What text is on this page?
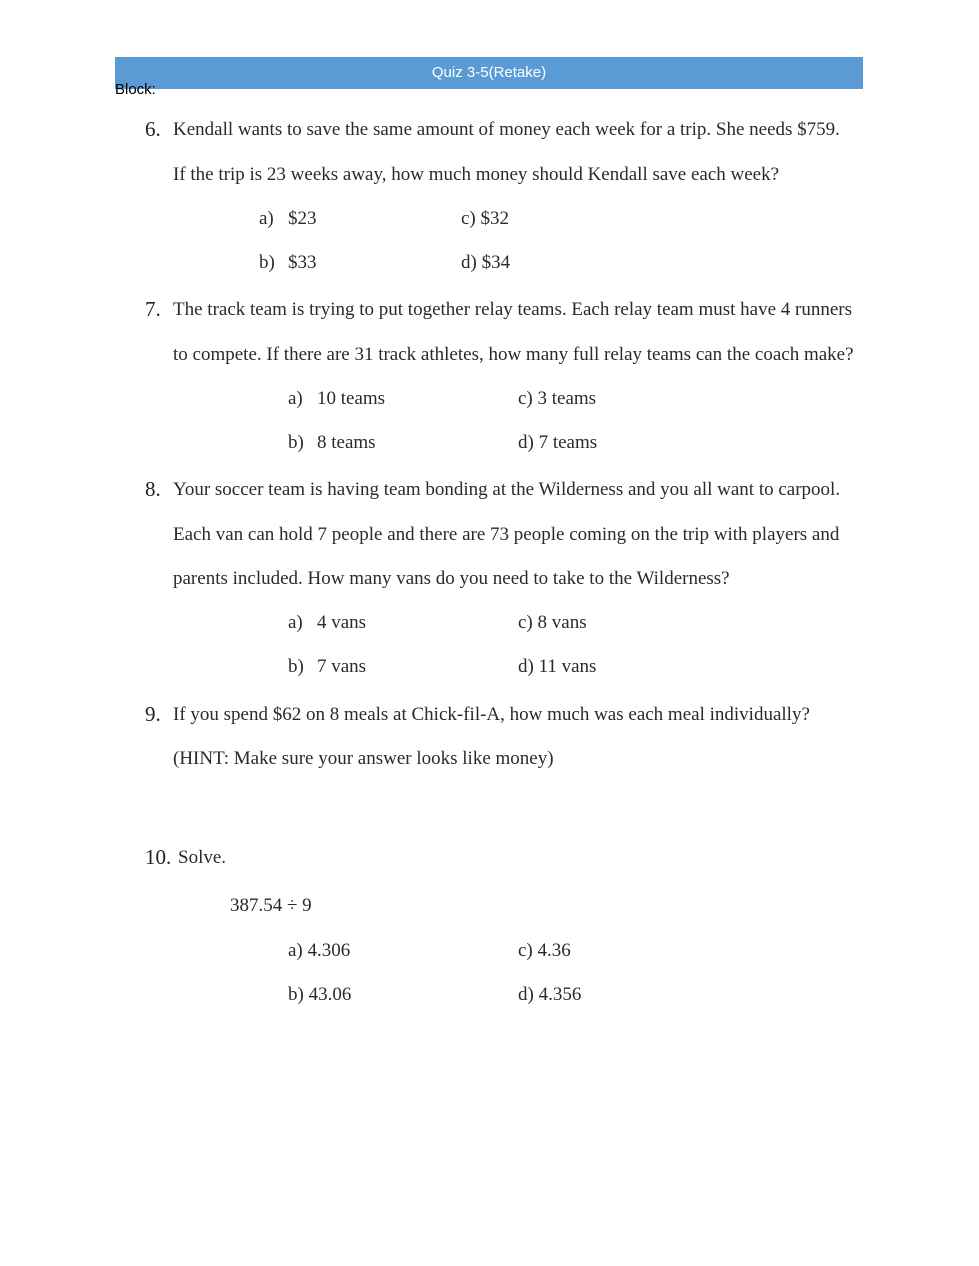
Quiz 3-5(Retake)
Block:
6. Kendall wants to save the same amount of money each week for a trip. She needs $759.
If the trip is 23 weeks away, how much money should Kendall save each week?
a) $23	c) $32
b) $33	d) $34
7. The track team is trying to put together relay teams. Each relay team must have 4 runners
to compete. If there are 31 track athletes, how many full relay teams can the coach make?
a) 10 teams	c) 3 teams
b) 8 teams	d) 7 teams
8. Your soccer team is having team bonding at the Wilderness and you all want to carpool.
Each van can hold 7 people and there are 73 people coming on the trip with players and
parents included. How many vans do you need to take to the Wilderness?
a) 4 vans	c) 8 vans
b) 7 vans	d) 11 vans
9. If you spend $62 on 8 meals at Chick-fil-A, how much was each meal individually?
(HINT: Make sure your answer looks like money)
10. Solve.
387.54 ÷ 9
a) 4.306	c) 4.36
b) 43.06	d) 4.356
